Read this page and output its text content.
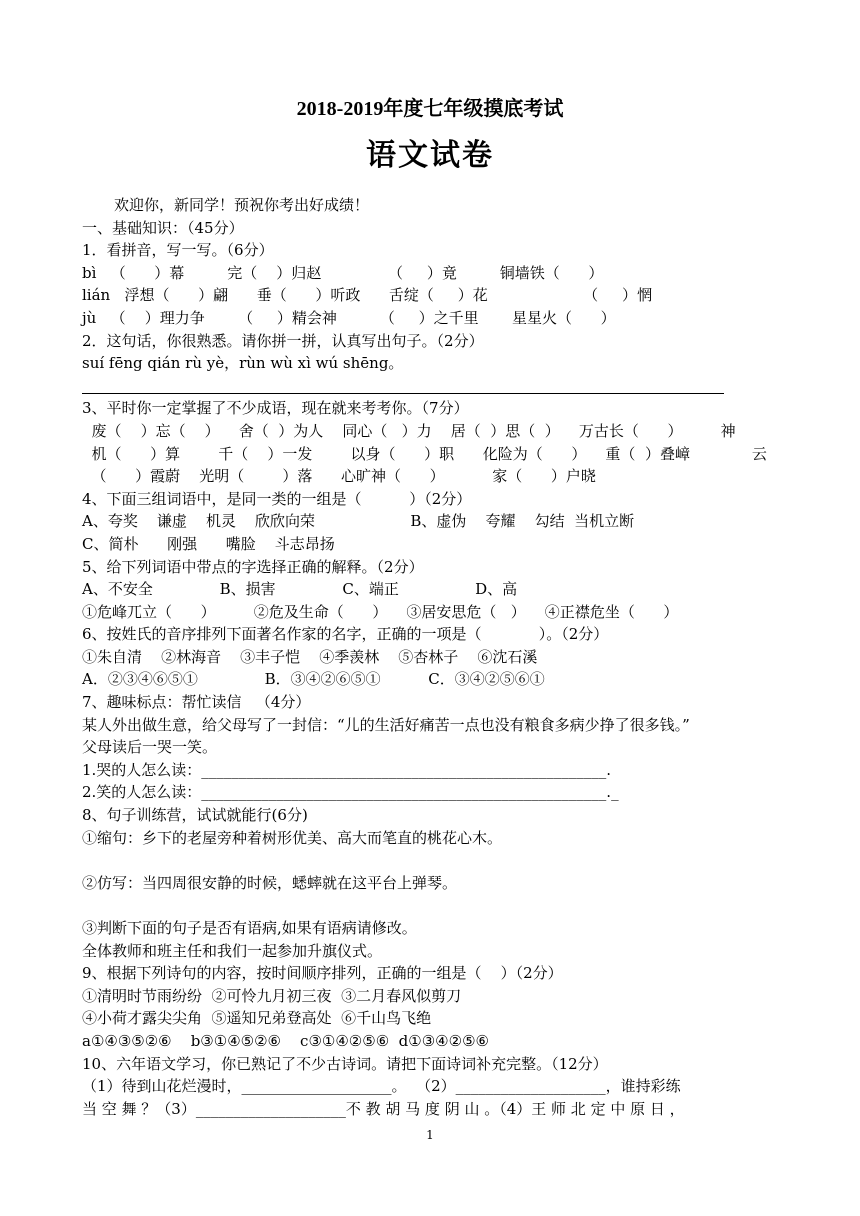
2018-2019年度七年级摸底考试
语文试卷
欢迎你，新同学！预祝你考出好成绩！
一、基础知识：（45分）
1．看拼音，写一写。（6分）
bì   （      ）幕         完（    ）归赵              （     ）竟         铜墙铁（      ）
lián   浮想（      ）翩      垂（      ）听政      舌绽（     ）花                    （     ）惘
jù   （    ）理力争       （     ）精会神         （     ）之千里       星星火（      ）
2．这句话，你很熟悉。请你拼一拼，认真写出句子。（2分）
suí fēng qián rù yè，rùn wù xì wú shēng。
3、平时你一定掌握了不少成语，现在就来考考你。（7分）
废（    ）忘（    ）    舍（  ）为人    同心（   ）力    居（  ）思（  ）    万古长（      ）        神
机（      ）算        千（    ）一发        以身（      ）职      化险为（      ）    重（  ）叠嶂             云
（      ）霞蔚    光明（        ）落      心旷神（      ）          家（      ）户晓
4、下面三组词语中，是同一类的一组是（          ）（2分）
A、夸奖    谦虚    机灵    欣欣向荣                    B、虚伪    夸耀    勾结  当机立断
C、简朴      刚强      嘴脸    斗志昂扬
5、给下列词语中带点的字选择正确的解释。（2分）
A、不安全              B、损害              C、端正                D、高
①危峰兀立（      ）        ②危及生命（      ）    ③居安思危（   ）    ④正襟危坐（      ）
6、按姓氏的音序排列下面著名作家的名字，正确的一项是（            ）。（2分）
①朱自清    ②林海音    ③丰子恺    ④季羡林    ⑤杏林子    ⑥沈石溪
A．②③④⑥⑤①              B．③④②⑥⑤①          C．③④②⑤⑥①
7、趣味标点：帮忙读信   （4分）
某人外出做生意，给父母写了一封信：“儿的生活好痛苦一点也没有粮食多病少挣了很多钱。”
父母读后一哭一笑。
1.哭的人怎么读：______________________________________________________.
2.笑的人怎么读：______________________________________________________._
8、句子训练营，试试就能行(6分)
①缩句：乡下的老屋旁种着树形优美、高大而笔直的桃花心木。
②仿写：当四周很安静的时候，蟋蟀就在这平台上弹琴。
③判断下面的句子是否有语病,如果有语病请修改。
全体教师和班主任和我们一起参加升旗仪式。
9、根据下列诗句的内容，按时间顺序排列，正确的一组是（    ）（2分）
①清明时节雨纷纷  ②可怜九月初三夜  ③二月春风似剪刀
④小荷才露尖尖角  ⑤遥知兄弟登高处  ⑥千山鸟飞绝
a①④③⑤②⑥    b③①④⑤②⑥    c③①④②⑤⑥  d①③④②⑤⑥
10、六年语文学习，你已熟记了不少古诗词。请把下面诗词补充完整。（12分）
（1）待到山花烂漫时，____________________。  （2）____________________，谁持彩练
当 空 舞 ？（3）____________________不 教 胡 马 度 阴 山 。（4）王 师 北 定 中 原 日 ，
1
